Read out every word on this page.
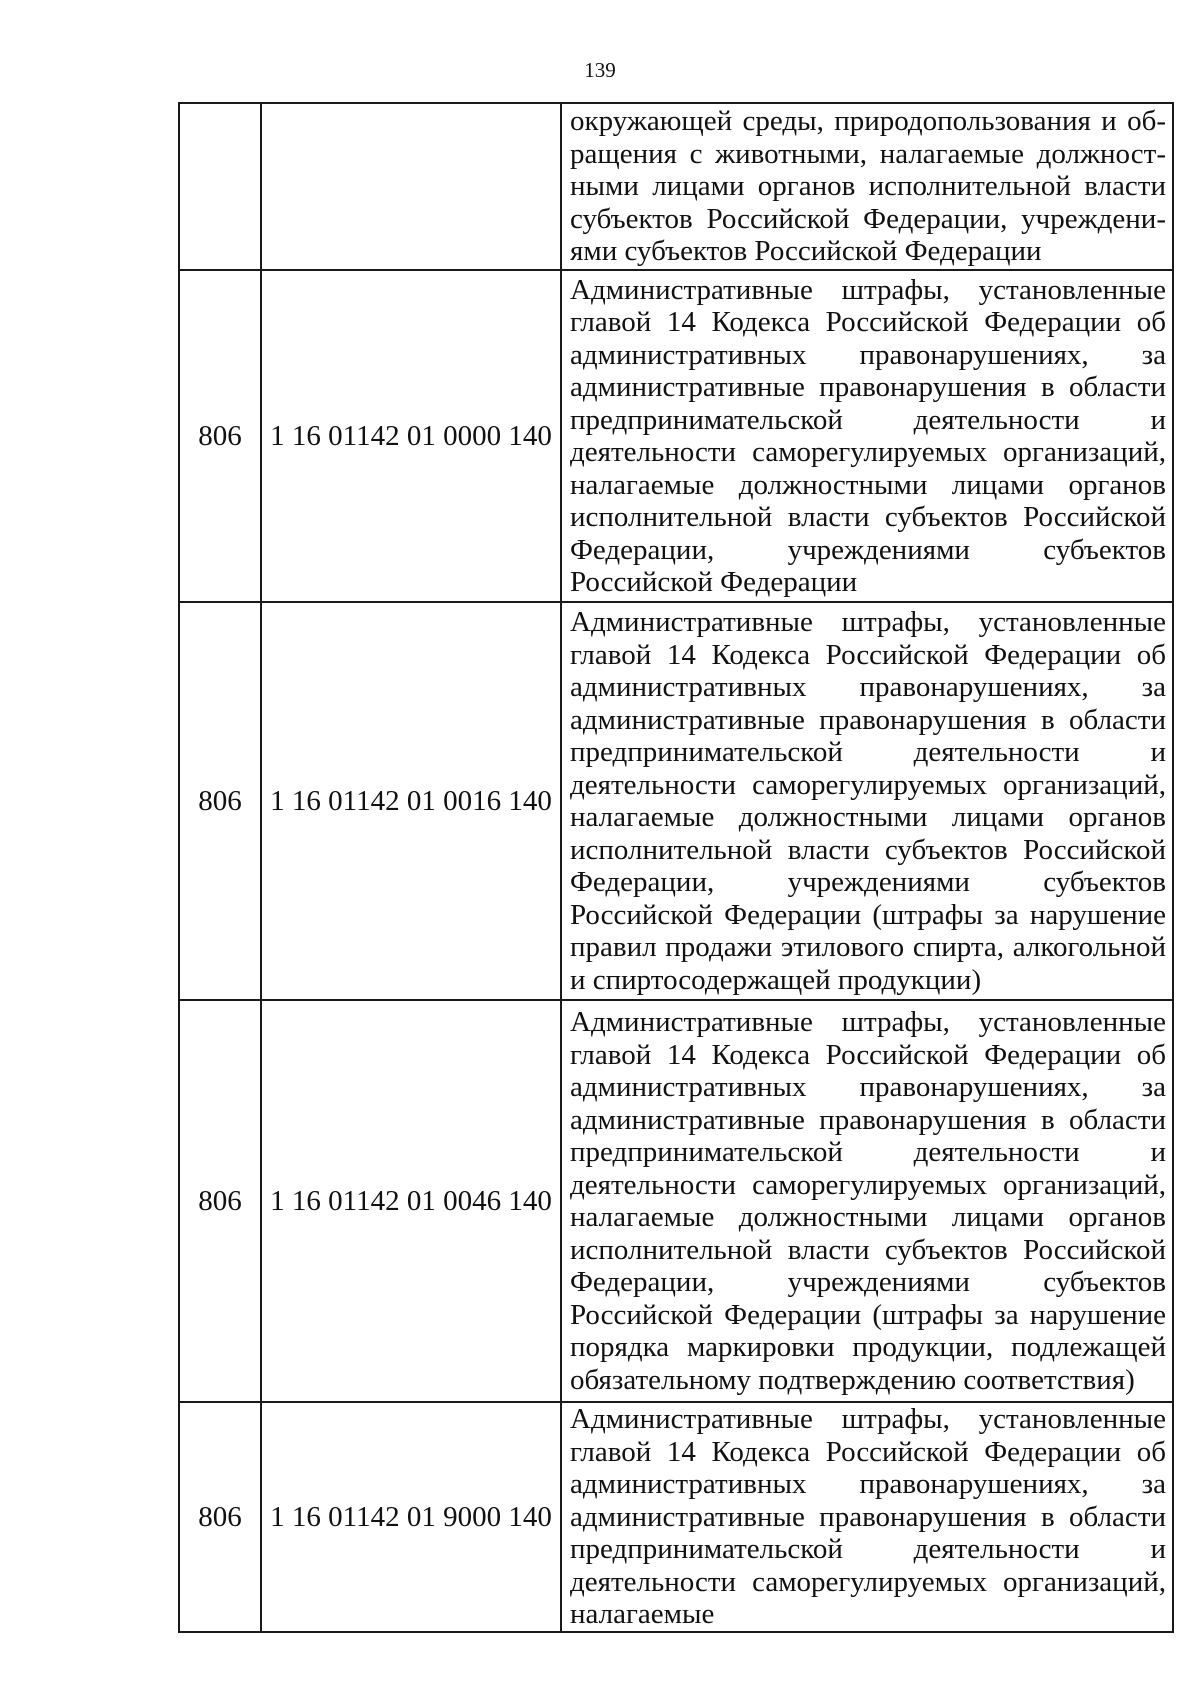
139
		окружающей среды, природопользования и обращения с животными, налагаемые должностными лицами органов исполнительной власти субъектов Российской Федерации, учреждениями субъектов Российской Федерации
806	1 16 01142 01 0000 140	Административные штрафы, установленные главой 14 Кодекса Российской Федерации об административных правонарушениях, за административные правонарушения в области предпринимательской деятельности и деятельности саморегулируемых организаций, налагаемые должностными лицами органов исполнительной власти субъектов Российской Федерации, учреждениями субъектов Российской Федерации
806	1 16 01142 01 0016 140	Административные штрафы, установленные главой 14 Кодекса Российской Федерации об административных правонарушениях, за административные правонарушения в области предпринимательской деятельности и деятельности саморегулируемых организаций, налагаемые должностными лицами органов исполнительной власти субъектов Российской Федерации, учреждениями субъектов Российской Федерации (штрафы за нарушение правил продажи этилового спирта, алкогольной и спиртосодержащей продукции)
806	1 16 01142 01 0046 140	Административные штрафы, установленные главой 14 Кодекса Российской Федерации об административных правонарушениях, за административные правонарушения в области предпринимательской деятельности и деятельности саморегулируемых организаций, налагаемые должностными лицами органов исполнительной власти субъектов Российской Федерации, учреждениями субъектов Российской Федерации (штрафы за нарушение порядка маркировки продукции, подлежащей обязательному подтверждению соответствия)
806	1 16 01142 01 9000 140	Административные штрафы, установленные главой 14 Кодекса Российской Федерации об административных правонарушениях, за административные правонарушения в области предпринимательской деятельности и деятельности саморегулируемых организаций, налагаемые
